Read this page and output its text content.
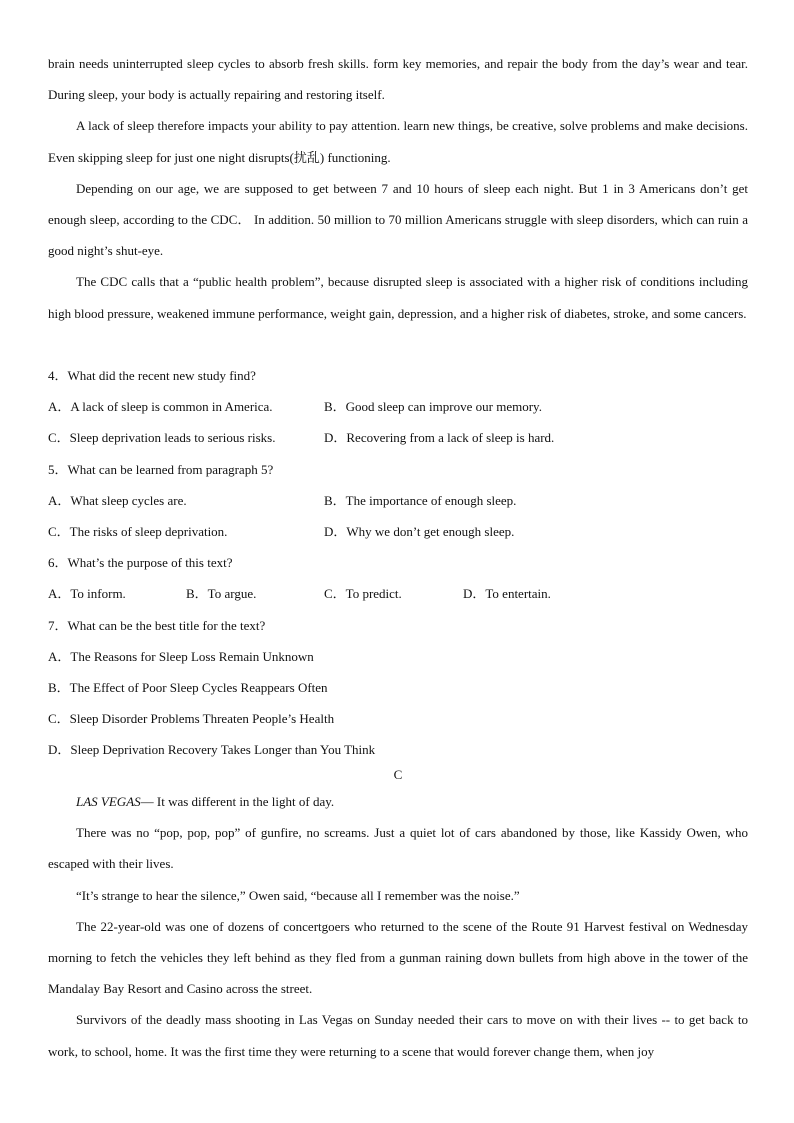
brain needs uninterrupted sleep cycles to absorb fresh skills. form key memories, and repair the body from the day’s wear and tear. During sleep, your body is actually repairing and restoring itself.

A lack of sleep therefore impacts your ability to pay attention. learn new things, be creative, solve problems and make decisions. Even skipping sleep for just one night disrupts(扰乱) functioning.

Depending on our age, we are supposed to get between 7 and 10 hours of sleep each night. But 1 in 3 Americans don’t get enough sleep, according to the CDC． In addition. 50 million to 70 million Americans struggle with sleep disorders, which can ruin a good night’s shut-eye.

The CDC calls that a “public health problem”, because disrupted sleep is associated with a higher risk of conditions including high blood pressure, weakened immune performance, weight gain, depression, and a higher risk of diabetes, stroke, and some cancers.

4．What did the recent new study find?

A．A lack of sleep is common in America.	B．Good sleep can improve our memory.
C．Sleep deprivation leads to serious risks.	D．Recovering from a lack of sleep is hard.

5．What can be learned from paragraph 5?

A．What sleep cycles are.	B．The importance of enough sleep.
C．The risks of sleep deprivation.	D．Why we don’t get enough sleep.

6．What’s the purpose of this text?

A．To inform.	B．To argue.	C．To predict.	D．To entertain.

7．What can be the best title for the text?

A．The Reasons for Sleep Loss Remain Unknown
B．The Effect of Poor Sleep Cycles Reappears Often
C．Sleep Disorder Problems Threaten People’s Health
D．Sleep Deprivation Recovery Takes Longer than You Think

C

LAS VEGAS— It was different in the light of day.

There was no “pop, pop, pop” of gunfire, no screams. Just a quiet lot of cars abandoned by those, like Kassidy Owen, who escaped with their lives.

“It’s strange to hear the silence,” Owen said, “because all I remember was the noise.”

The 22-year-old was one of dozens of concertgoers who returned to the scene of the Route 91 Harvest festival on Wednesday morning to fetch the vehicles they left behind as they fled from a gunman raining down bullets from high above in the tower of the Mandalay Bay Resort and Casino across the street.

Survivors of the deadly mass shooting in Las Vegas on Sunday needed their cars to move on with their lives -- to get back to work, to school, home. It was the first time they were returning to a scene that would forever change them, when joy
